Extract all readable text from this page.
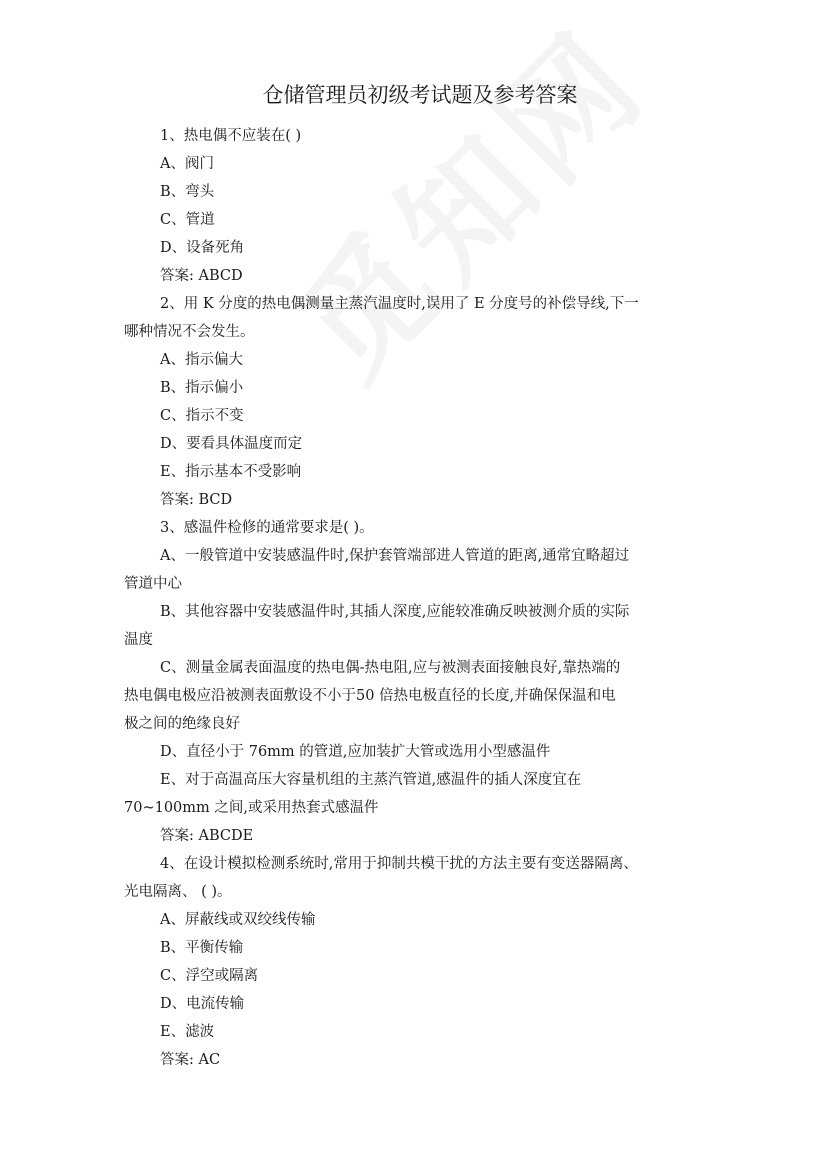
仓储管理员初级考试题及参考答案

1、热电偶不应装在( )

A、阀门

B、弯头

C、管道

D、设备死角

答案: ABCD

2、用 K 分度的热电偶测量主蒸汽温度时,误用了 E 分度号的补偿导线,下一

哪种情况不会发生。

A、指示偏大

B、指示偏小

C、指示不变

D、要看具体温度而定

E、指示基本不受影响

答案: BCD

3、感温件检修的通常要求是( )。

A、一般管道中安装感温件时,保护套管端部进人管道的距离,通常宜略超过

管道中心

B、其他容器中安装感温件时,其插人深度,应能较准确反映被测介质的实际

温度

C、测量金属表面温度的热电偶-热电阻,应与被测表面接触良好,靠热端的

热电偶电极应沿被测表面敷设不小于50 倍热电极直径的长度,并确保保温和电

极之间的绝缘良好

D、直径小于 76mm 的管道,应加装扩大管或选用小型感温件

E、对于高温高压大容量机组的主蒸汽管道,感温件的插人深度宜在

70~100mm 之间,或采用热套式感温件

答案: ABCDE

4、在设计模拟检测系统时,常用于抑制共模干扰的方法主要有变送器隔离、

光电隔离、 ( )。

A、屏蔽线或双绞线传输

B、平衡传输

C、浮空或隔离

D、电流传输

E、滤波

答案: AC
